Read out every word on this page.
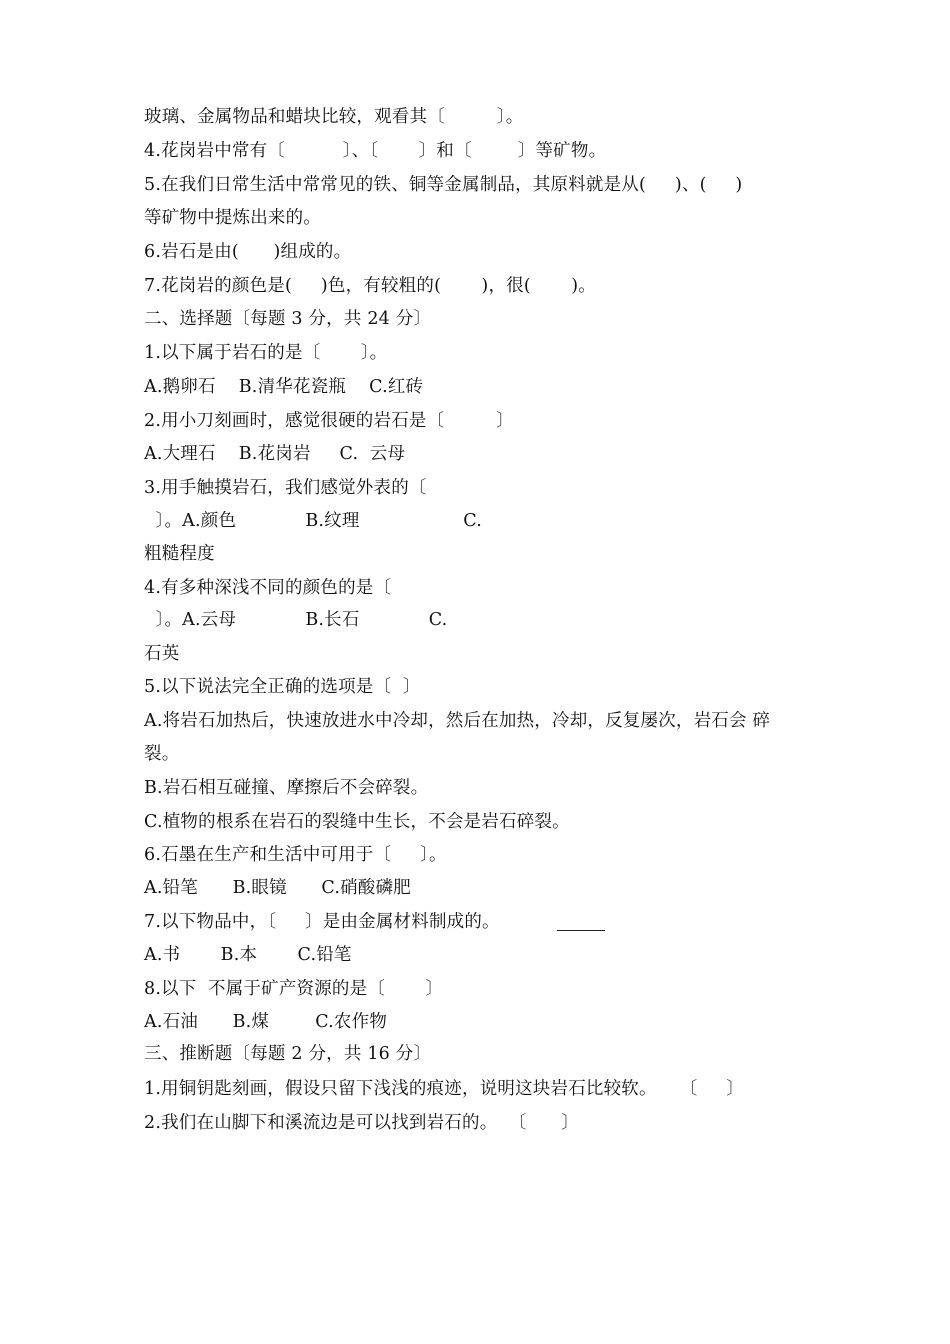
玻璃、金属物品和蜡块比较，观看其〔         〕。
4.花岗岩中常有〔          〕、〔       〕和〔        〕等矿物。
5.在我们日常生活中常常见的铁、铜等金属制品，其原料就是从(     )、(     )
等矿物中提炼出来的。
6.岩石是由(      )组成的。
7.花岗岩的颜色是(     )色，有较粗的(       )，很(       )。
二、选择题〔每题 3 分，共 24 分〕
1.以下属于岩石的是〔       〕。
A.鹅卵石    B.清华花瓷瓶    C.红砖
2.用小刀刻画时，感觉很硬的岩石是〔         〕
A.大理石    B.花岗岩     C.  云母
3.用手触摸岩石，我们感觉外表的〔
〕。A.颜色            B.纹理                  C.
粗糙程度
4.有多种深浅不同的颜色的是〔
〕。A.云母            B.长石            C.
石英
5.以下说法完全正确的选项是〔  〕
A.将岩石加热后，快速放进水中冷却，然后在加热，冷却，反复屡次，岩石会 碎
裂。
B.岩石相互碰撞、摩擦后不会碎裂。
C.植物的根系在岩石的裂缝中生长，不会是岩石碎裂。
6.石墨在生产和生活中可用于〔     〕。
A.铅笔      B.眼镜      C.硝酸磷肥
7.以下物品中，〔     〕是由金属材料制成的。
A.书       B.本       C.铅笔
8.以下  不属于矿产资源的是〔       〕
A.石油      B.煤        C.农作物
三、推断题〔每题 2 分，共 16 分〕
1.用铜钥匙刻画，假设只留下浅浅的痕迹，说明这块岩石比较软。    〔     〕
2.我们在山脚下和溪流边是可以找到岩石的。  〔      〕
